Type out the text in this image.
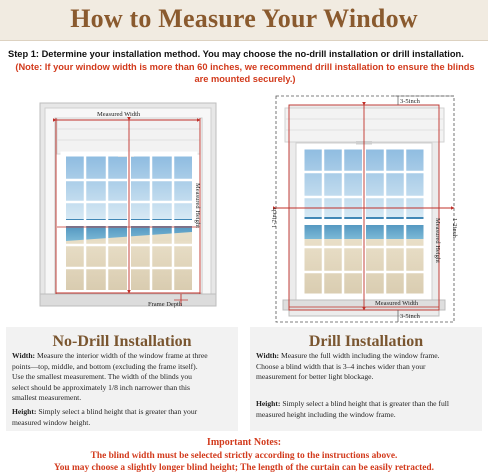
How to Measure Your Window
Step 1: Determine your installation method. You may choose the no-drill installation or drill installation.
(Note: If your window width is more than 60 inches, we recommend drill installation to ensure the blinds
are mounted securely.)
Measured Width
Measured Height
Frame Depth
3-5inch
3-5inch
1-2inch	1-2inch
Measured Height
Measured Width
No-Drill Installation
Width: Measure the interior width of the window frame at three
points—top, middle, and bottom (excluding the frame itself).
Use the smallest measurement. The width of the blinds you
select should be approximately 1/8 inch narrower than this
smallest measurement.
Height: Simply select a blind height that is greater than your
measured window height.
Drill Installation
Width: Measure the full width including the window frame.
Choose a blind width that is 3–4 inches wider than your
measurement for better light blockage.
Height: Simply select a blind height that is greater than the full
measured height including the window frame.
Important Notes:
The blind width must be selected strictly according to the instructions above.
You may choose a slightly longer blind height; The length of the curtain can be easily retracted.
